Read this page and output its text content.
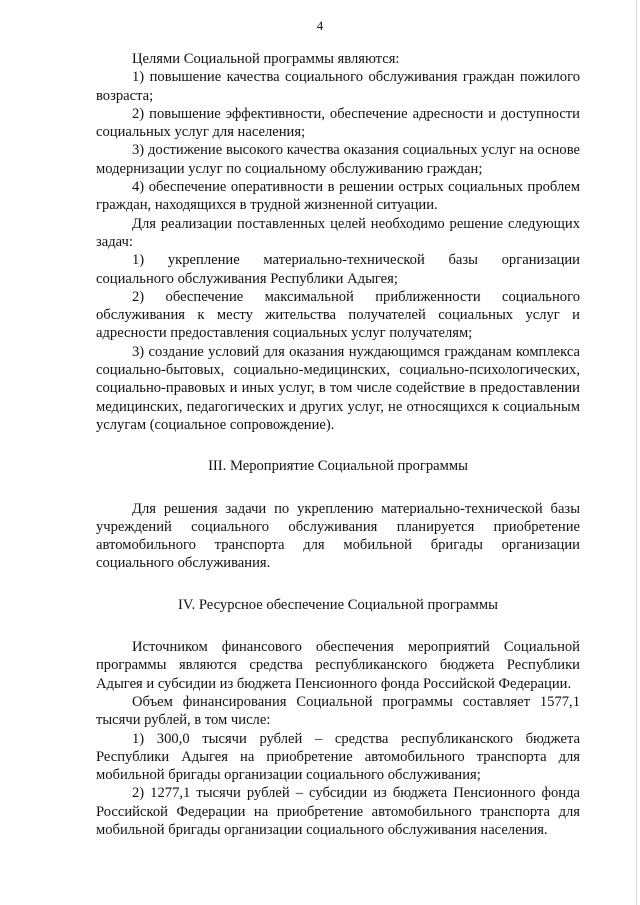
4

Целями Социальной программы являются:

1) повышение качества социального обслуживания граждан пожилого возраста;

2) повышение эффективности, обеспечение адресности и доступности социальных услуг для населения;

3) достижение высокого качества оказания социальных услуг на основе модернизации услуг по социальному обслуживанию граждан;

4) обеспечение оперативности в решении острых социальных проблем граждан, находящихся в трудной жизненной ситуации.

Для реализации поставленных целей необходимо решение следующих задач:

1) укрепление материально-технической базы организации социального обслуживания Республики Адыгея;

2) обеспечение максимальной приближенности социального обслуживания к месту жительства получателей социальных услуг и адресности предоставления социальных услуг получателям;

3) создание условий для оказания нуждающимся гражданам комплекса социально-бытовых, социально-медицинских, социально-психологических, социально-правовых и иных услуг, в том числе содействие в предоставлении медицинских, педагогических и других услуг, не относящихся к социальным услугам (социальное сопровождение).

III. Мероприятие Социальной программы

Для решения задачи по укреплению материально-технической базы учреждений социального обслуживания планируется приобретение автомобильного транспорта для мобильной бригады организации социального обслуживания.

IV. Ресурсное обеспечение Социальной программы

Источником финансового обеспечения мероприятий Социальной программы являются средства республиканского бюджета Республики Адыгея и субсидии из бюджета Пенсионного фонда Российской Федерации.

Объем финансирования Социальной программы составляет 1577,1 тысячи рублей, в том числе:

1) 300,0 тысячи рублей – средства республиканского бюджета Республики Адыгея на приобретение автомобильного транспорта для мобильной бригады организации социального обслуживания;

2) 1277,1 тысячи рублей – субсидии из бюджета Пенсионного фонда Российской Федерации на приобретение автомобильного транспорта для мобильной бригады организации социального обслуживания населения.
